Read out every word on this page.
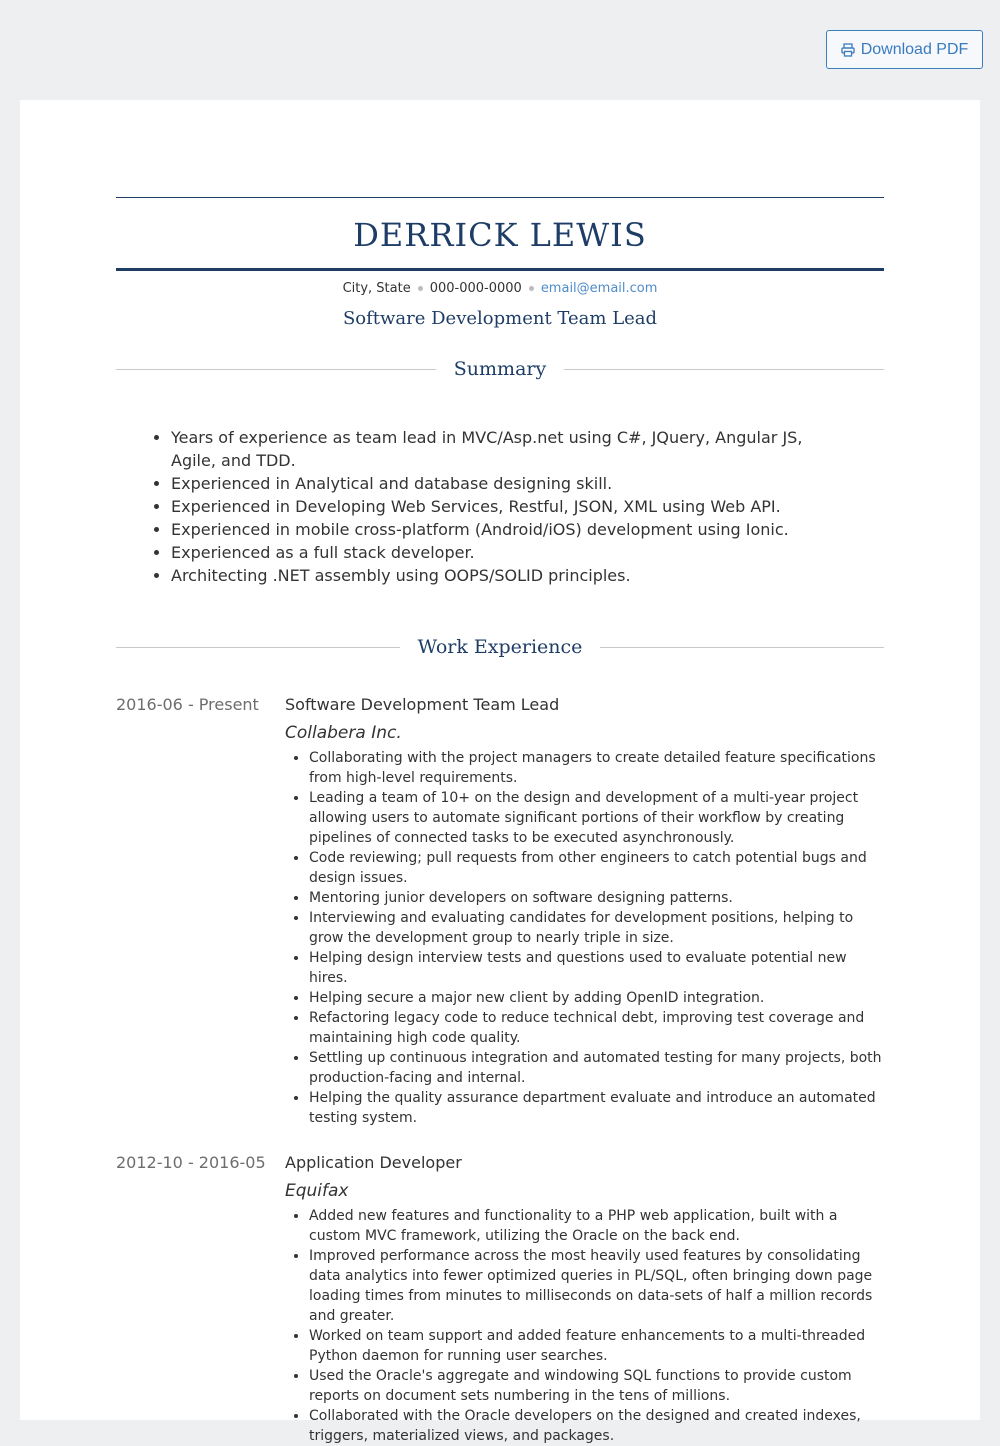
Download PDF
DERRICK LEWIS
City, State 000-000-0000 email@email.com
Software Development Team Lead
Summary
• Years of experience as team lead in MVC/Asp.net using C#, JQuery, Angular JS, Agile, and TDD.
• Experienced in Analytical and database designing skill.
• Experienced in Developing Web Services, Restful, JSON, XML using Web API.
• Experienced in mobile cross-platform (Android/iOS) development using Ionic.
• Experienced as a full stack developer.
• Architecting .NET assembly using OOPS/SOLID principles.
Work Experience
2016-06 - Present	Software Development Team Lead
Collabera Inc.
• Collaborating with the project managers to create detailed feature specifications from high-level requirements.
• Leading a team of 10+ on the design and development of a multi-year project allowing users to automate significant portions of their workflow by creating pipelines of connected tasks to be executed asynchronously.
• Code reviewing; pull requests from other engineers to catch potential bugs and design issues.
• Mentoring junior developers on software designing patterns.
• Interviewing and evaluating candidates for development positions, helping to grow the development group to nearly triple in size.
• Helping design interview tests and questions used to evaluate potential new hires.
• Helping secure a major new client by adding OpenID integration.
• Refactoring legacy code to reduce technical debt, improving test coverage and maintaining high code quality.
• Settling up continuous integration and automated testing for many projects, both production-facing and internal.
• Helping the quality assurance department evaluate and introduce an automated testing system.
2012-10 - 2016-05	Application Developer
Equifax
• Added new features and functionality to a PHP web application, built with a custom MVC framework, utilizing the Oracle on the back end.
• Improved performance across the most heavily used features by consolidating data analytics into fewer optimized queries in PL/SQL, often bringing down page loading times from minutes to milliseconds on data-sets of half a million records and greater.
• Worked on team support and added feature enhancements to a multi-threaded Python daemon for running user searches.
• Used the Oracle's aggregate and windowing SQL functions to provide custom reports on document sets numbering in the tens of millions.
• Collaborated with the Oracle developers on the designed and created indexes, triggers, materialized views, and packages.
